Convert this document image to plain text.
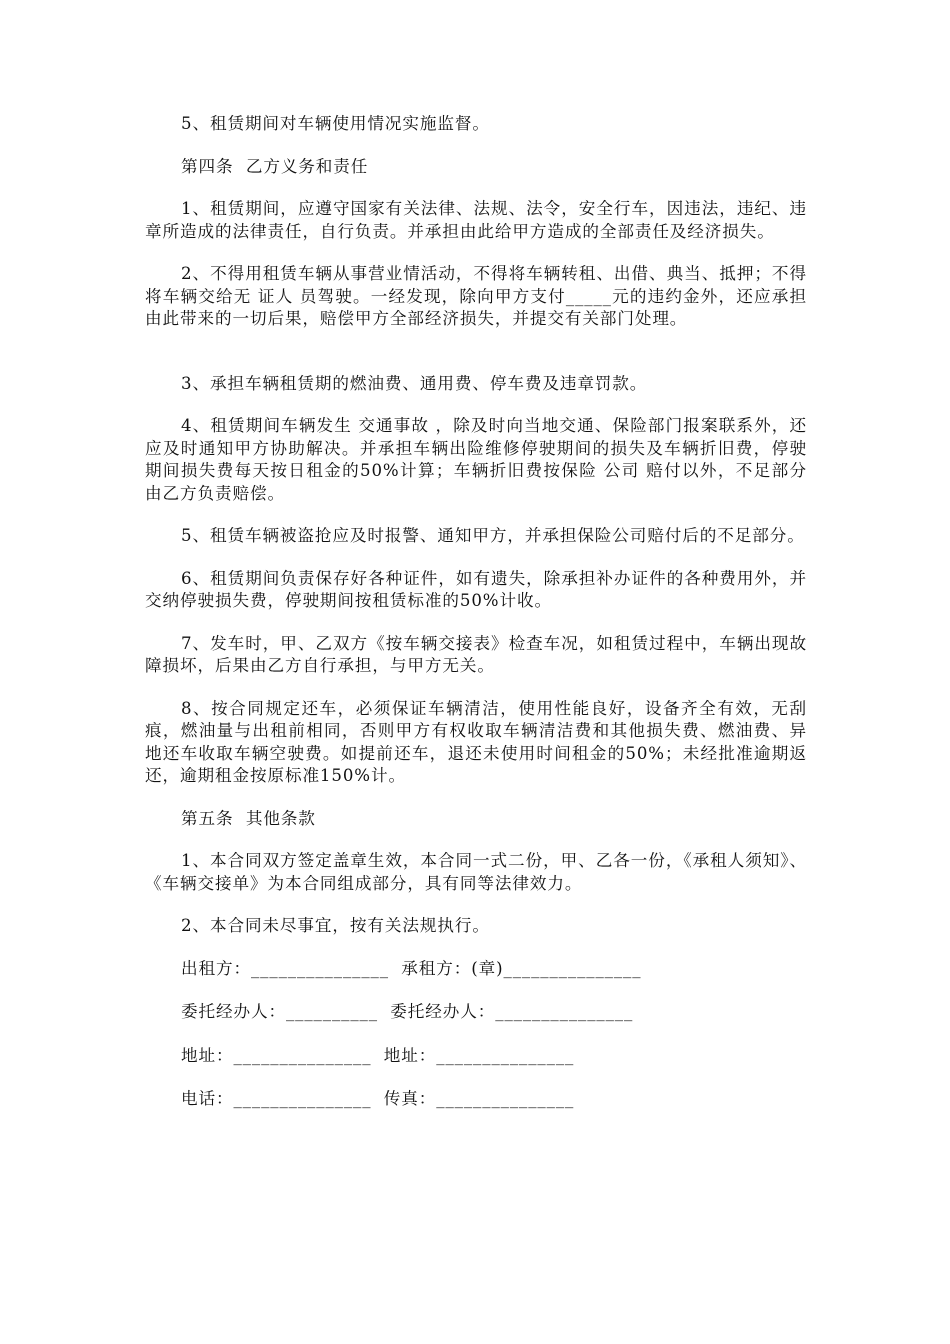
5、租赁期间对车辆使用情况实施监督。

第四条  乙方义务和责任

1、租赁期间，应遵守国家有关法律、法规、法令，安全行车，因违法，违纪、违章所造成的法律责任，自行负责。并承担由此给甲方造成的全部责任及经济损失。

2、不得用租赁车辆从事营业情活动，不得将车辆转租、出借、典当、抵押；不得将车辆交给无 证人 员驾驶。一经发现，除向甲方支付_____元的违约金外，还应承担由此带来的一切后果，赔偿甲方全部经济损失，并提交有关部门处理。

3、承担车辆租赁期的燃油费、通用费、停车费及违章罚款。

4、租赁期间车辆发生 交通事故 ，除及时向当地交通、保险部门报案联系外，还应及时通知甲方协助解决。并承担车辆出险维修停驶期间的损失及车辆折旧费，停驶期间损失费每天按日租金的50%计算；车辆折旧费按保险 公司 赔付以外，不足部分由乙方负责赔偿。

5、租赁车辆被盗抢应及时报警、通知甲方，并承担保险公司赔付后的不足部分。

6、租赁期间负责保存好各种证件，如有遗失，除承担补办证件的各种费用外，并交纳停驶损失费，停驶期间按租赁标准的50%计收。

7、发车时，甲、乙双方《按车辆交接表》检查车况，如租赁过程中，车辆出现故障损坏，后果由乙方自行承担，与甲方无关。

8、按合同规定还车，必须保证车辆清洁，使用性能良好，设备齐全有效，无刮痕，燃油量与出租前相同，否则甲方有权收取车辆清洁费和其他损失费、燃油费、异地还车收取车辆空驶费。如提前还车，退还未使用时间租金的50%；未经批准逾期返还，逾期租金按原标准150%计。

第五条  其他条款

1、本合同双方签定盖章生效，本合同一式二份，甲、乙各一份，《承租人须知》、《车辆交接单》为本合同组成部分，具有同等法律效力。

2、本合同未尽事宜，按有关法规执行。

出租方：_______________  承租方：(章)_______________
委托经办人：__________  委托经办人：_______________
地址：_______________  地址：_______________
电话：_______________  传真：_______________
